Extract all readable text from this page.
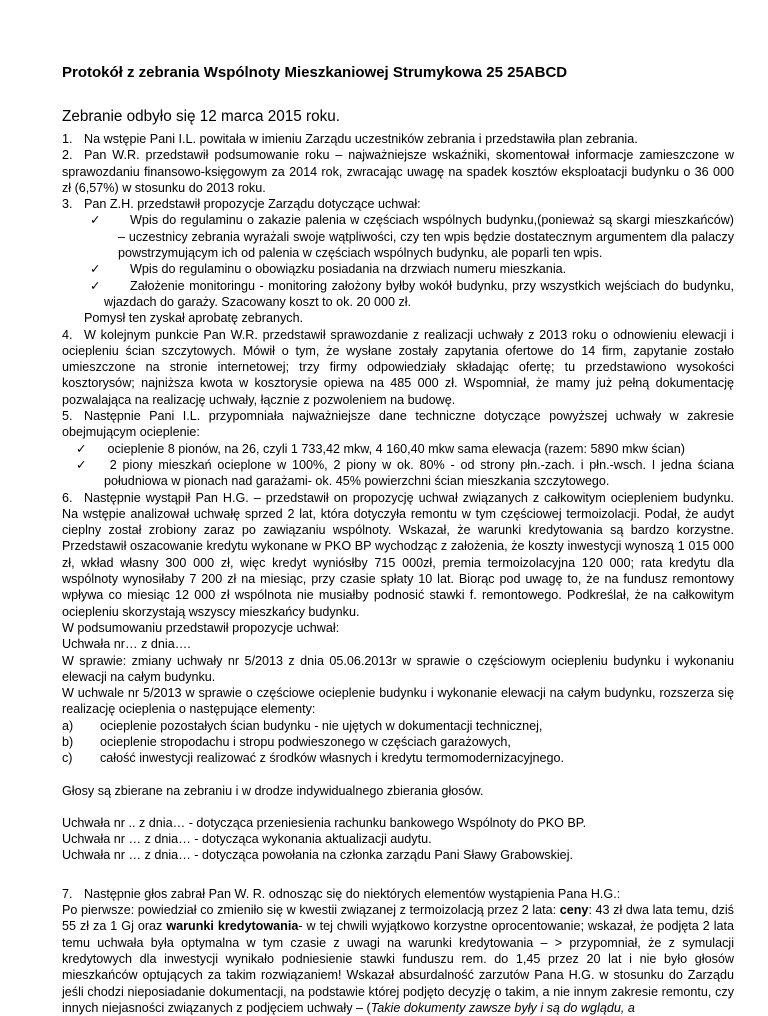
Protokół z zebrania Wspólnoty Mieszkaniowej Strumykowa 25 25ABCD
Zebranie odbyło się 12 marca 2015 roku.
1. Na wstępie Pani I.L. powitała w imieniu Zarządu uczestników zebrania i przedstawiła plan zebrania.
2. Pan W.R. przedstawił podsumowanie roku – najważniejsze wskaźniki, skomentował informacje zamieszczone w sprawozdaniu finansowo-księgowym za 2014 rok, zwracając uwagę na spadek kosztów eksploatacji budynku o 36 000 zł (6,57%) w stosunku do 2013 roku.
3. Pan Z.H. przedstawił propozycje Zarządu dotyczące uchwał:
✓ Wpis do regulaminu o zakazie palenia w częściach wspólnych budynku,(ponieważ są skargi mieszkańców) – uczestnicy zebrania wyrażali swoje wątpliwości, czy ten wpis będzie dostatecznym argumentem dla palaczy powstrzymującym ich od palenia w częściach wspólnych budynku, ale poparli ten wpis.
✓ Wpis do regulaminu o obowiązku posiadania na drzwiach numeru mieszkania.
✓ Założenie monitoringu - monitoring założony byłby wokół budynku, przy wszystkich wejściach do budynku, wjazdach do garaży. Szacowany koszt to ok. 20 000 zł.
Pomysł ten zyskał aprobatę zebranych.
4. W kolejnym punkcie Pan W.R. przedstawił sprawozdanie z realizacji uchwały z 2013 roku o odnowieniu elewacji i ociepleniu ścian szczytowych. Mówił o tym, że wysłane zostały zapytania ofertowe do 14 firm, zapytanie zostało umieszczone na stronie internetowej; trzy firmy odpowiedziały składając ofertę; tu przedstawiono wysokości kosztorysów; najniższa kwota w kosztorysie opiewa na 485 000 zł. Wspomniał, że mamy już pełną dokumentację pozwalająca na realizację uchwały, łącznie z pozwoleniem na budowę.
5. Następnie Pani I.L. przypomniała najważniejsze dane techniczne dotyczące powyższej uchwały w zakresie obejmującym ocieplenie:
✓ ocieplenie 8 pionów, na 26, czyli 1 733,42 mkw, 4 160,40 mkw sama elewacja (razem: 5890 mkw ścian)
✓ 2 piony mieszkań ocieplone w 100%, 2 piony w ok. 80% - od strony płn.-zach. i płn.-wsch. I jedna ściana południowa w pionach nad garażami- ok. 45% powierzchni ścian mieszkania szczytowego.
6. Następnie wystąpił Pan H.G. – przedstawił on propozycję uchwał związanych z całkowitym ociepleniem budynku. Na wstępie analizował uchwałę sprzed 2 lat, która dotyczyła remontu w tym częściowej termoizolacji. Podał, że audyt cieplny został zrobiony zaraz po zawiązaniu wspólnoty. Wskazał, że warunki kredytowania są bardzo korzystne. Przedstawił oszacowanie kredytu wykonane w PKO BP wychodząc z założenia, że koszty inwestycji wynoszą 1 015 000 zł, wkład własny 300 000 zł, więc kredyt wyniósłby 715 000zł, premia termoizolacyjna 120 000; rata kredytu dla wspólnoty wynosiłaby 7 200 zł na miesiąc, przy czasie spłaty 10 lat. Biorąc pod uwagę to, że na fundusz remontowy wpływa co miesiąc 12 000 zł wspólnota nie musiałby podnosić stawki f. remontowego. Podkreślał, że na całkowitym ociepleniu skorzystają wszyscy mieszkańcy budynku.
W podsumowaniu przedstawił propozycje uchwał:
Uchwała nr… z dnia….
W sprawie: zmiany uchwały nr 5/2013 z dnia 05.06.2013r w sprawie o częściowym ociepleniu budynku i wykonaniu elewacji na całym budynku.
W uchwale nr 5/2013 w sprawie o częściowe ocieplenie budynku i wykonanie elewacji na całym budynku, rozszerza się realizację ocieplenia o następujące elementy:
a) ocieplenie pozostałych ścian budynku - nie ujętych w dokumentacji technicznej,
b) ocieplenie stropodachu i stropu podwieszonego w częściach garażowych,
c) całość inwestycji realizować z środków własnych i kredytu termomodernizacyjnego.
Głosy są zbierane na zebraniu i w drodze indywidualnego zbierania głosów.
Uchwała nr .. z dnia… - dotycząca przeniesienia rachunku bankowego Wspólnoty do PKO BP.
Uchwała nr … z dnia… - dotycząca wykonania aktualizacji audytu.
Uchwała nr … z dnia… - dotycząca powołania na członka zarządu Pani Sławy Grabowskiej.
7. Następnie głos zabrał Pan W. R. odnosząc się do niektórych elementów wystąpienia Pana H.G.:
Po pierwsze: powiedział co zmieniło się w kwestii związanej z termoizolacją przez 2 lata: ceny: 43 zł dwa lata temu, dziś 55 zł za 1 Gj oraz warunki kredytowania- w tej chwili wyjątkowo korzystne oprocentowanie; wskazał, że podjęta 2 lata temu uchwała była optymalna w tym czasie z uwagi na warunki kredytowania – > przypomniał, że z symulacji kredytowych dla inwestycji wynikało podniesienie stawki funduszu rem. do 1,45 przez 20 lat i nie było głosów mieszkańców optujących za takim rozwiązaniem! Wskazał absurdalność zarzutów Pana H.G. w stosunku do Zarządu jeśli chodzi nieposiadanie dokumentacji, na podstawie której podjęto decyzję o takim, a nie innym zakresie remontu, czy innych niejasności związanych z podjęciem uchwały – (Takie dokumenty zawsze były i są do wglądu, a
